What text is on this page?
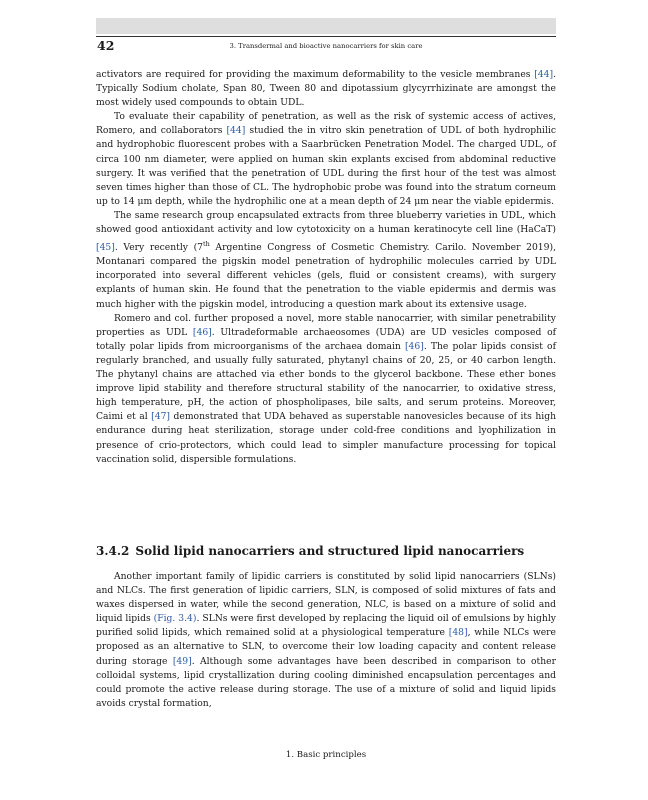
42	3. Transdermal and bioactive nanocarriers for skin care

activators are required for providing the maximum deformability to the vesicle membranes [44]. Typically Sodium cholate, Span 80, Tween 80 and dipotassium glycyrrhizinate are amongst the most widely used compounds to obtain UDL.

To evaluate their capability of penetration, as well as the risk of systemic access of actives, Romero, and collaborators [44] studied the in vitro skin penetration of UDL of both hydrophilic and hydrophobic fluorescent probes with a Saarbrücken Penetration Model. The charged UDL, of circa 100 nm diameter, were applied on human skin explants excised from abdominal reductive surgery. It was verified that the penetration of UDL during the first hour of the test was almost seven times higher than those of CL. The hydrophobic probe was found into the stratum corneum up to 14 μm depth, while the hydrophilic one at a mean depth of 24 μm near the viable epidermis.

The same research group encapsulated extracts from three blueberry varieties in UDL, which showed good antioxidant activity and low cytotoxicity on a human keratinocyte cell line (HaCaT) [45]. Very recently (7th Argentine Congress of Cosmetic Chemistry. Carilo. November 2019), Montanari compared the pigskin model penetration of hydrophilic molecules carried by UDL incorporated into several different vehicles (gels, fluid or consistent creams), with surgery explants of human skin. He found that the penetration to the viable epidermis and dermis was much higher with the pigskin model, introducing a question mark about its extensive usage.

Romero and col. further proposed a novel, more stable nanocarrier, with similar penetrability properties as UDL [46]. Ultradeformable archaeosomes (UDA) are UD vesicles composed of totally polar lipids from microorganisms of the archaea domain [46]. The polar lipids consist of regularly branched, and usually fully saturated, phytanyl chains of 20, 25, or 40 carbon length. The phytanyl chains are attached via ether bonds to the glycerol backbone. These ether bones improve lipid stability and therefore structural stability of the nanocarrier, to oxidative stress, high temperature, pH, the action of phospholipases, bile salts, and serum proteins. Moreover, Caimi et al [47] demonstrated that UDA behaved as superstable nanovesicles because of its high endurance during heat sterilization, storage under cold-free conditions and lyophilization in presence of crio-protectors, which could lead to simpler manufacture processing for topical vaccination solid, dispersible formulations.

3.4.2 Solid lipid nanocarriers and structured lipid nanocarriers

Another important family of lipidic carriers is constituted by solid lipid nanocarriers (SLNs) and NLCs. The first generation of lipidic carriers, SLN, is composed of solid mixtures of fats and waxes dispersed in water, while the second generation, NLC, is based on a mixture of solid and liquid lipids (Fig. 3.4). SLNs were first developed by replacing the liquid oil of emulsions by highly purified solid lipids, which remained solid at a physiological temperature [48], while NLCs were proposed as an alternative to SLN, to overcome their low loading capacity and content release during storage [49]. Although some advantages have been described in comparison to other colloidal systems, lipid crystallization during cooling diminished encapsulation percentages and could promote the active release during storage. The use of a mixture of solid and liquid lipids avoids crystal formation,

1. Basic principles
